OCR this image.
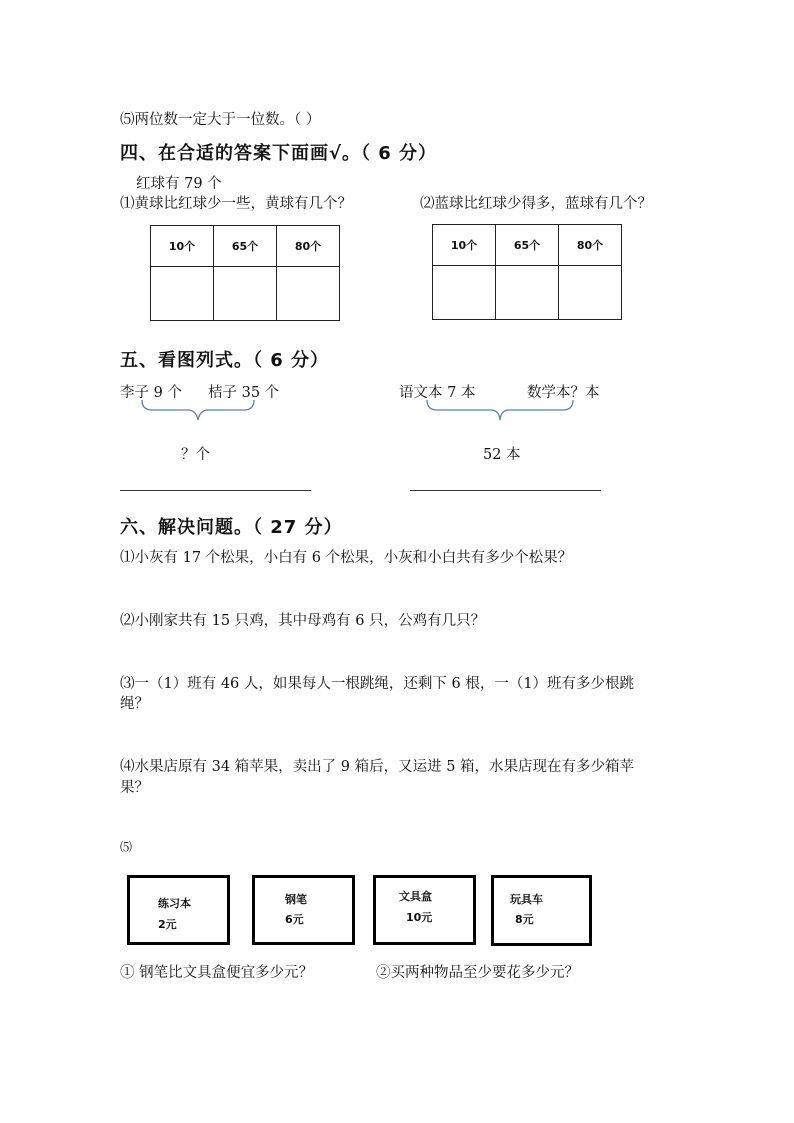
⑸两位数一定大于一位数。（ ）
四、在合适的答案下面画√。（ 6 分）
红球有 79 个
⑴黄球比红球少一些，黄球有几个？	⑵蓝球比红球少得多，蓝球有几个？
10个	65个	80个
			10个	65个	80个

五、看图列式。（ 6 分）
李子 9 个 桔子 35 个
？个
语文本 7 本	数学本？本
52 本
六、解决问题。（ 27 分）
⑴小灰有 17 个松果，小白有 6 个松果，小灰和小白共有多少个松果？
⑵小刚家共有 15 只鸡，其中母鸡有 6 只，公鸡有几只？
⑶一（1）班有 46 人，如果每人一根跳绳，还剩下 6 根，一（1）班有多少根跳
绳？
⑷水果店原有 34 箱苹果，卖出了 9 箱后，又运进 5 箱，水果店现在有多少箱苹
果？
⑸
练习本
2元
钢笔
6元
文具盒
10元
玩具车
8元
① 钢笔比文具盒便宜多少元？	②买两种物品至少要花多少元？
